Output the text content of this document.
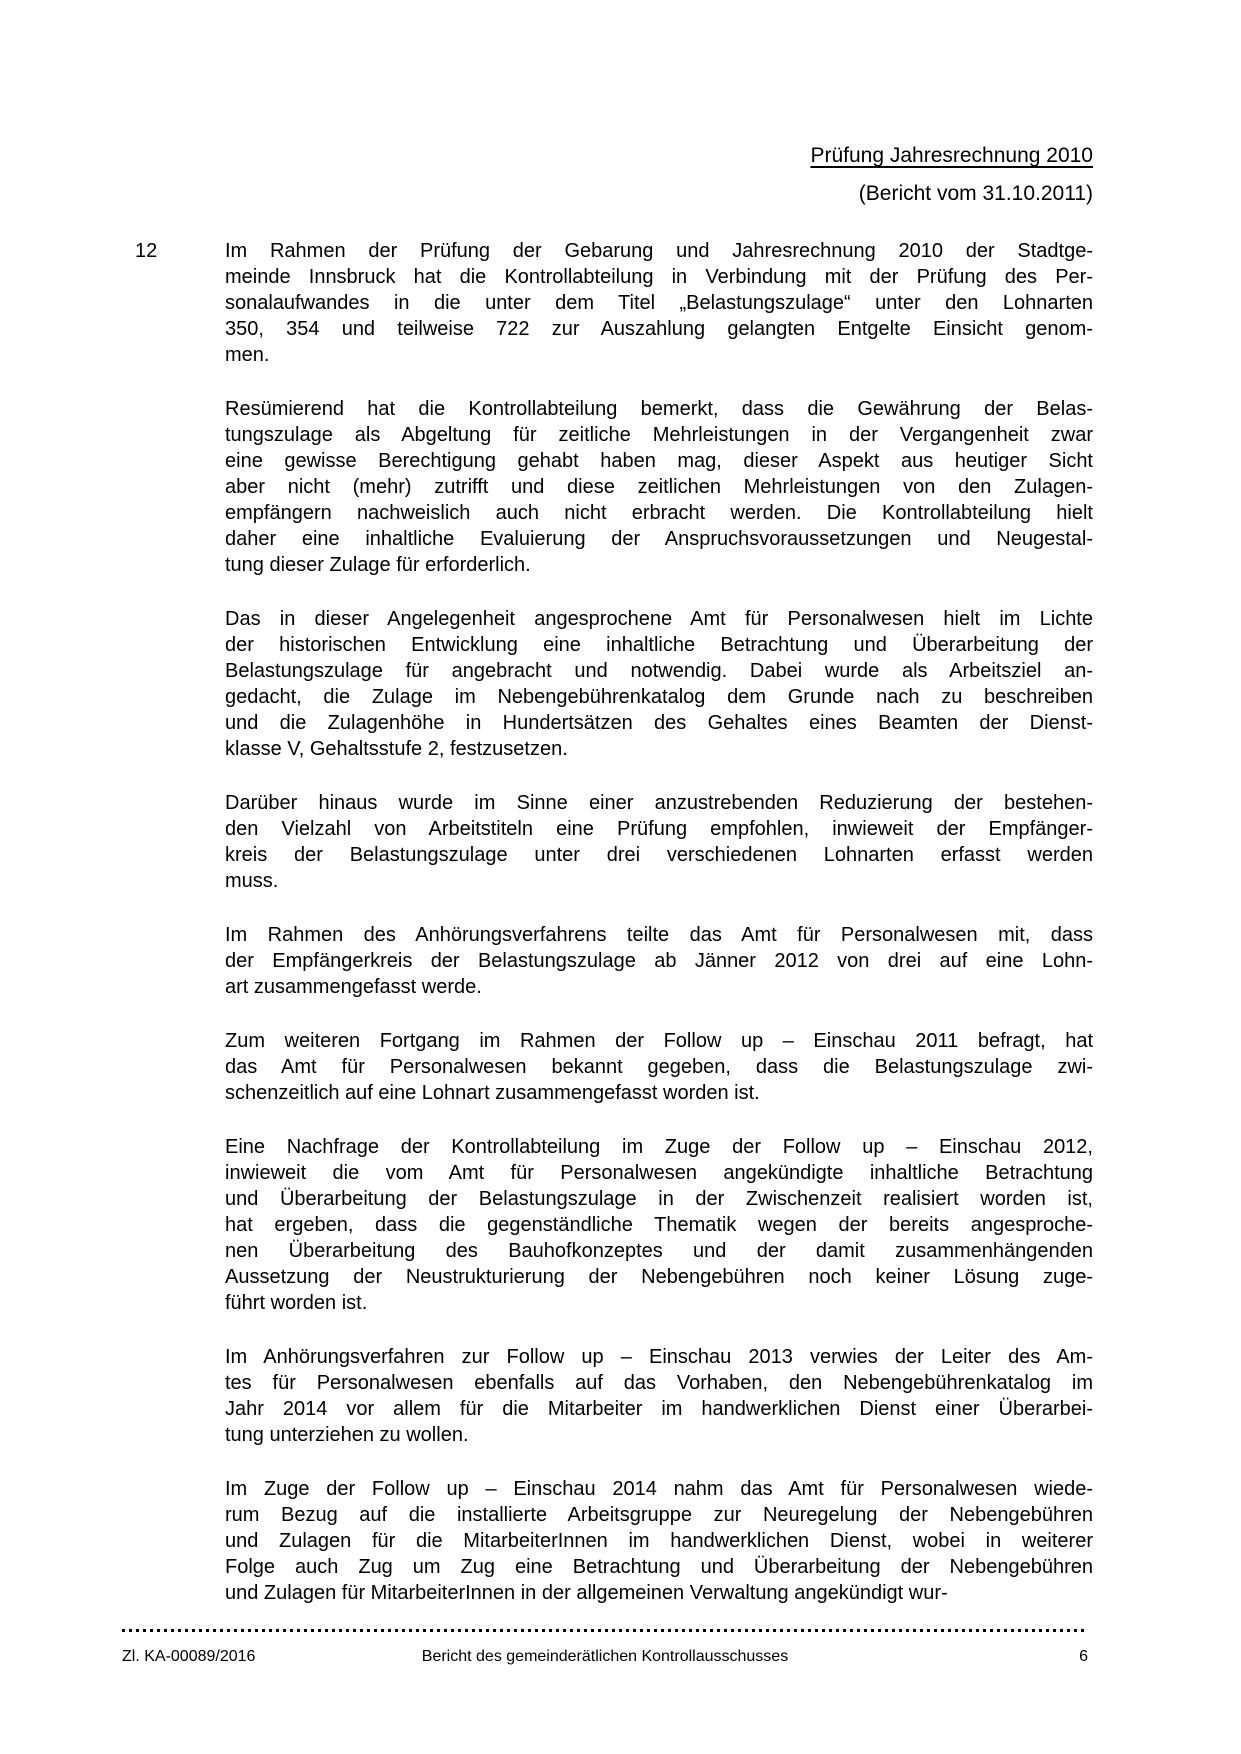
Prüfung Jahresrechnung 2010
(Bericht vom 31.10.2011)
12	Im Rahmen der Prüfung der Gebarung und Jahresrechnung 2010 der Stadtge-
meinde Innsbruck hat die Kontrollabteilung in Verbindung mit der Prüfung des Per-
sonalaufwandes in die unter dem Titel „Belastungszulage“ unter den Lohnarten
350, 354 und teilweise 722 zur Auszahlung gelangten Entgelte Einsicht genom-
men.
Resümierend hat die Kontrollabteilung bemerkt, dass die Gewährung der Belas-
tungszulage als Abgeltung für zeitliche Mehrleistungen in der Vergangenheit zwar
eine gewisse Berechtigung gehabt haben mag, dieser Aspekt aus heutiger Sicht
aber nicht (mehr) zutrifft und diese zeitlichen Mehrleistungen von den Zulagen-
empfängern nachweislich auch nicht erbracht werden. Die Kontrollabteilung hielt
daher eine inhaltliche Evaluierung der Anspruchsvoraussetzungen und Neugestal-
tung dieser Zulage für erforderlich.
Das in dieser Angelegenheit angesprochene Amt für Personalwesen hielt im Lichte
der historischen Entwicklung eine inhaltliche Betrachtung und Überarbeitung der
Belastungszulage für angebracht und notwendig. Dabei wurde als Arbeitsziel an-
gedacht, die Zulage im Nebengebührenkatalog dem Grunde nach zu beschreiben
und die Zulagenhöhe in Hundertsätzen des Gehaltes eines Beamten der Dienst-
klasse V, Gehaltsstufe 2, festzusetzen.
Darüber hinaus wurde im Sinne einer anzustrebenden Reduzierung der bestehen-
den Vielzahl von Arbeitstiteln eine Prüfung empfohlen, inwieweit der Empfänger-
kreis der Belastungszulage unter drei verschiedenen Lohnarten erfasst werden
muss.
Im Rahmen des Anhörungsverfahrens teilte das Amt für Personalwesen mit, dass
der Empfängerkreis der Belastungszulage ab Jänner 2012 von drei auf eine Lohn-
art zusammengefasst werde.
Zum weiteren Fortgang im Rahmen der Follow up – Einschau 2011 befragt, hat
das Amt für Personalwesen bekannt gegeben, dass die Belastungszulage zwi-
schenzeitlich auf eine Lohnart zusammengefasst worden ist.
Eine Nachfrage der Kontrollabteilung im Zuge der Follow up – Einschau 2012,
inwieweit die vom Amt für Personalwesen angekündigte inhaltliche Betrachtung
und Überarbeitung der Belastungszulage in der Zwischenzeit realisiert worden ist,
hat ergeben, dass die gegenständliche Thematik wegen der bereits angesproche-
nen Überarbeitung des Bauhofkonzeptes und der damit zusammenhängenden
Aussetzung der Neustrukturierung der Nebengebühren noch keiner Lösung zuge-
führt worden ist.
Im Anhörungsverfahren zur Follow up – Einschau 2013 verwies der Leiter des Am-
tes für Personalwesen ebenfalls auf das Vorhaben, den Nebengebührenkatalog im
Jahr 2014 vor allem für die Mitarbeiter im handwerklichen Dienst einer Überarbei-
tung unterziehen zu wollen.
Im Zuge der Follow up – Einschau 2014 nahm das Amt für Personalwesen wiede-
rum Bezug auf die installierte Arbeitsgruppe zur Neuregelung der Nebengebühren
und Zulagen für die MitarbeiterInnen im handwerklichen Dienst, wobei in weiterer
Folge auch Zug um Zug eine Betrachtung und Überarbeitung der Nebengebühren
und Zulagen für MitarbeiterInnen in der allgemeinen Verwaltung angekündigt wur-
Zl. KA-00089/2016	Bericht des gemeinderätlichen Kontrollausschusses	6
